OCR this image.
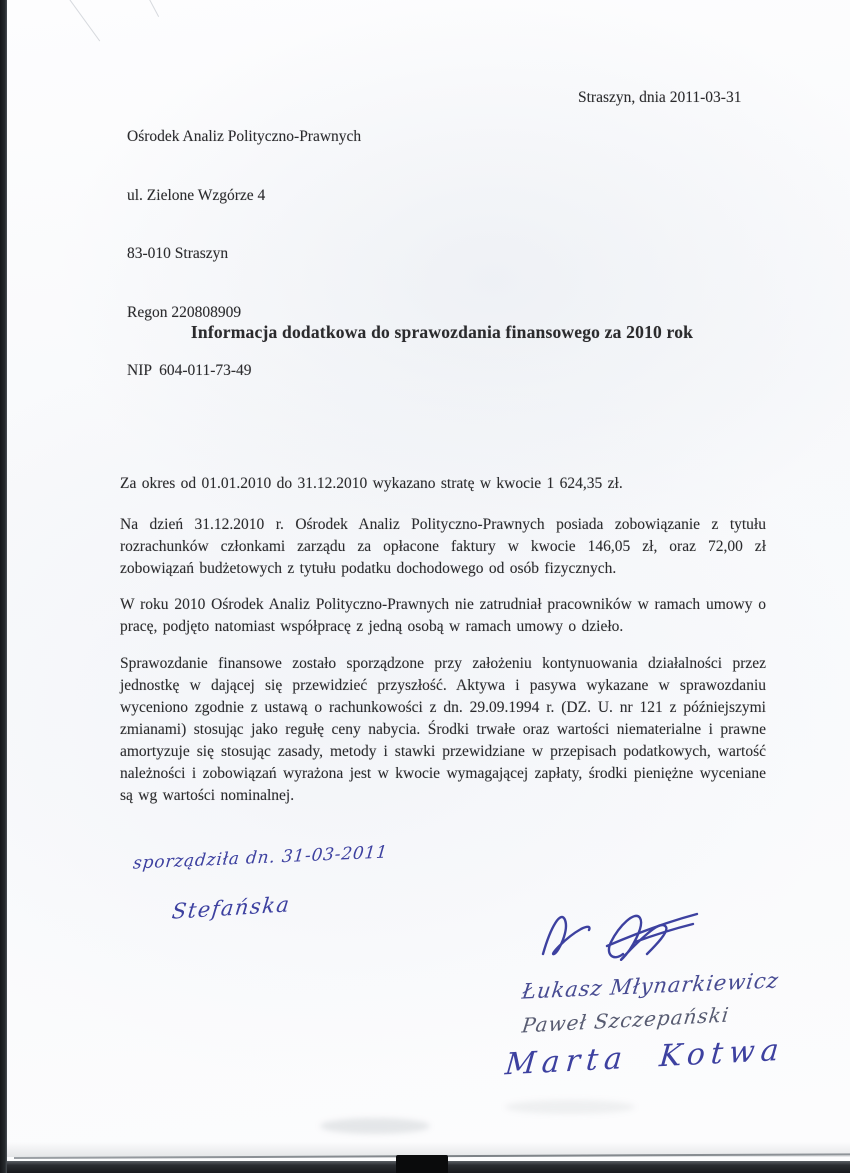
Ośrodek Analiz Polityczno-Prawnych

ul. Zielone Wzgórze 4

83-010 Straszyn

Regon 220808909

NIP  604-011-73-49

Straszyn, dnia 2011-03-31
Informacja dodatkowa do sprawozdania finansowego za 2010 rok

Za okres od 01.01.2010 do 31.12.2010 wykazano stratę w kwocie 1 624,35 zł.

Na dzień 31.12.2010 r. Ośrodek Analiz Polityczno-Prawnych posiada zobowiązanie z tytułu rozrachunków członkami zarządu za opłacone faktury w kwocie 146,05 zł, oraz 72,00 zł zobowiązań budżetowych z tytułu podatku dochodowego od osób fizycznych.

W roku 2010 Ośrodek Analiz Polityczno-Prawnych nie zatrudniał pracowników w ramach umowy o pracę, podjęto natomiast współpracę z jedną osobą w ramach umowy o dzieło.

Sprawozdanie finansowe zostało sporządzone przy założeniu kontynuowania działalności przez jednostkę w dającej się przewidzieć przyszłość. Aktywa i pasywa wykazane w sprawozdaniu wyceniono zgodnie z ustawą o rachunkowości z dn. 29.09.1994 r. (DZ. U. nr 121 z późniejszymi zmianami) stosując jako regułę ceny nabycia. Środki trwałe oraz wartości niematerialne i prawne amortyzuje się stosując zasady, metody i stawki przewidziane w przepisach podatkowych, wartość należności i zobowiązań wyrażona jest w kwocie wymagającej zapłaty, środki pieniężne wyceniane są wg wartości nominalnej.

sporządziła dn. 31-03-2011
Stefańska
Łukasz Młynarkiewicz
Paweł Szczepański
Marta Kotwa
